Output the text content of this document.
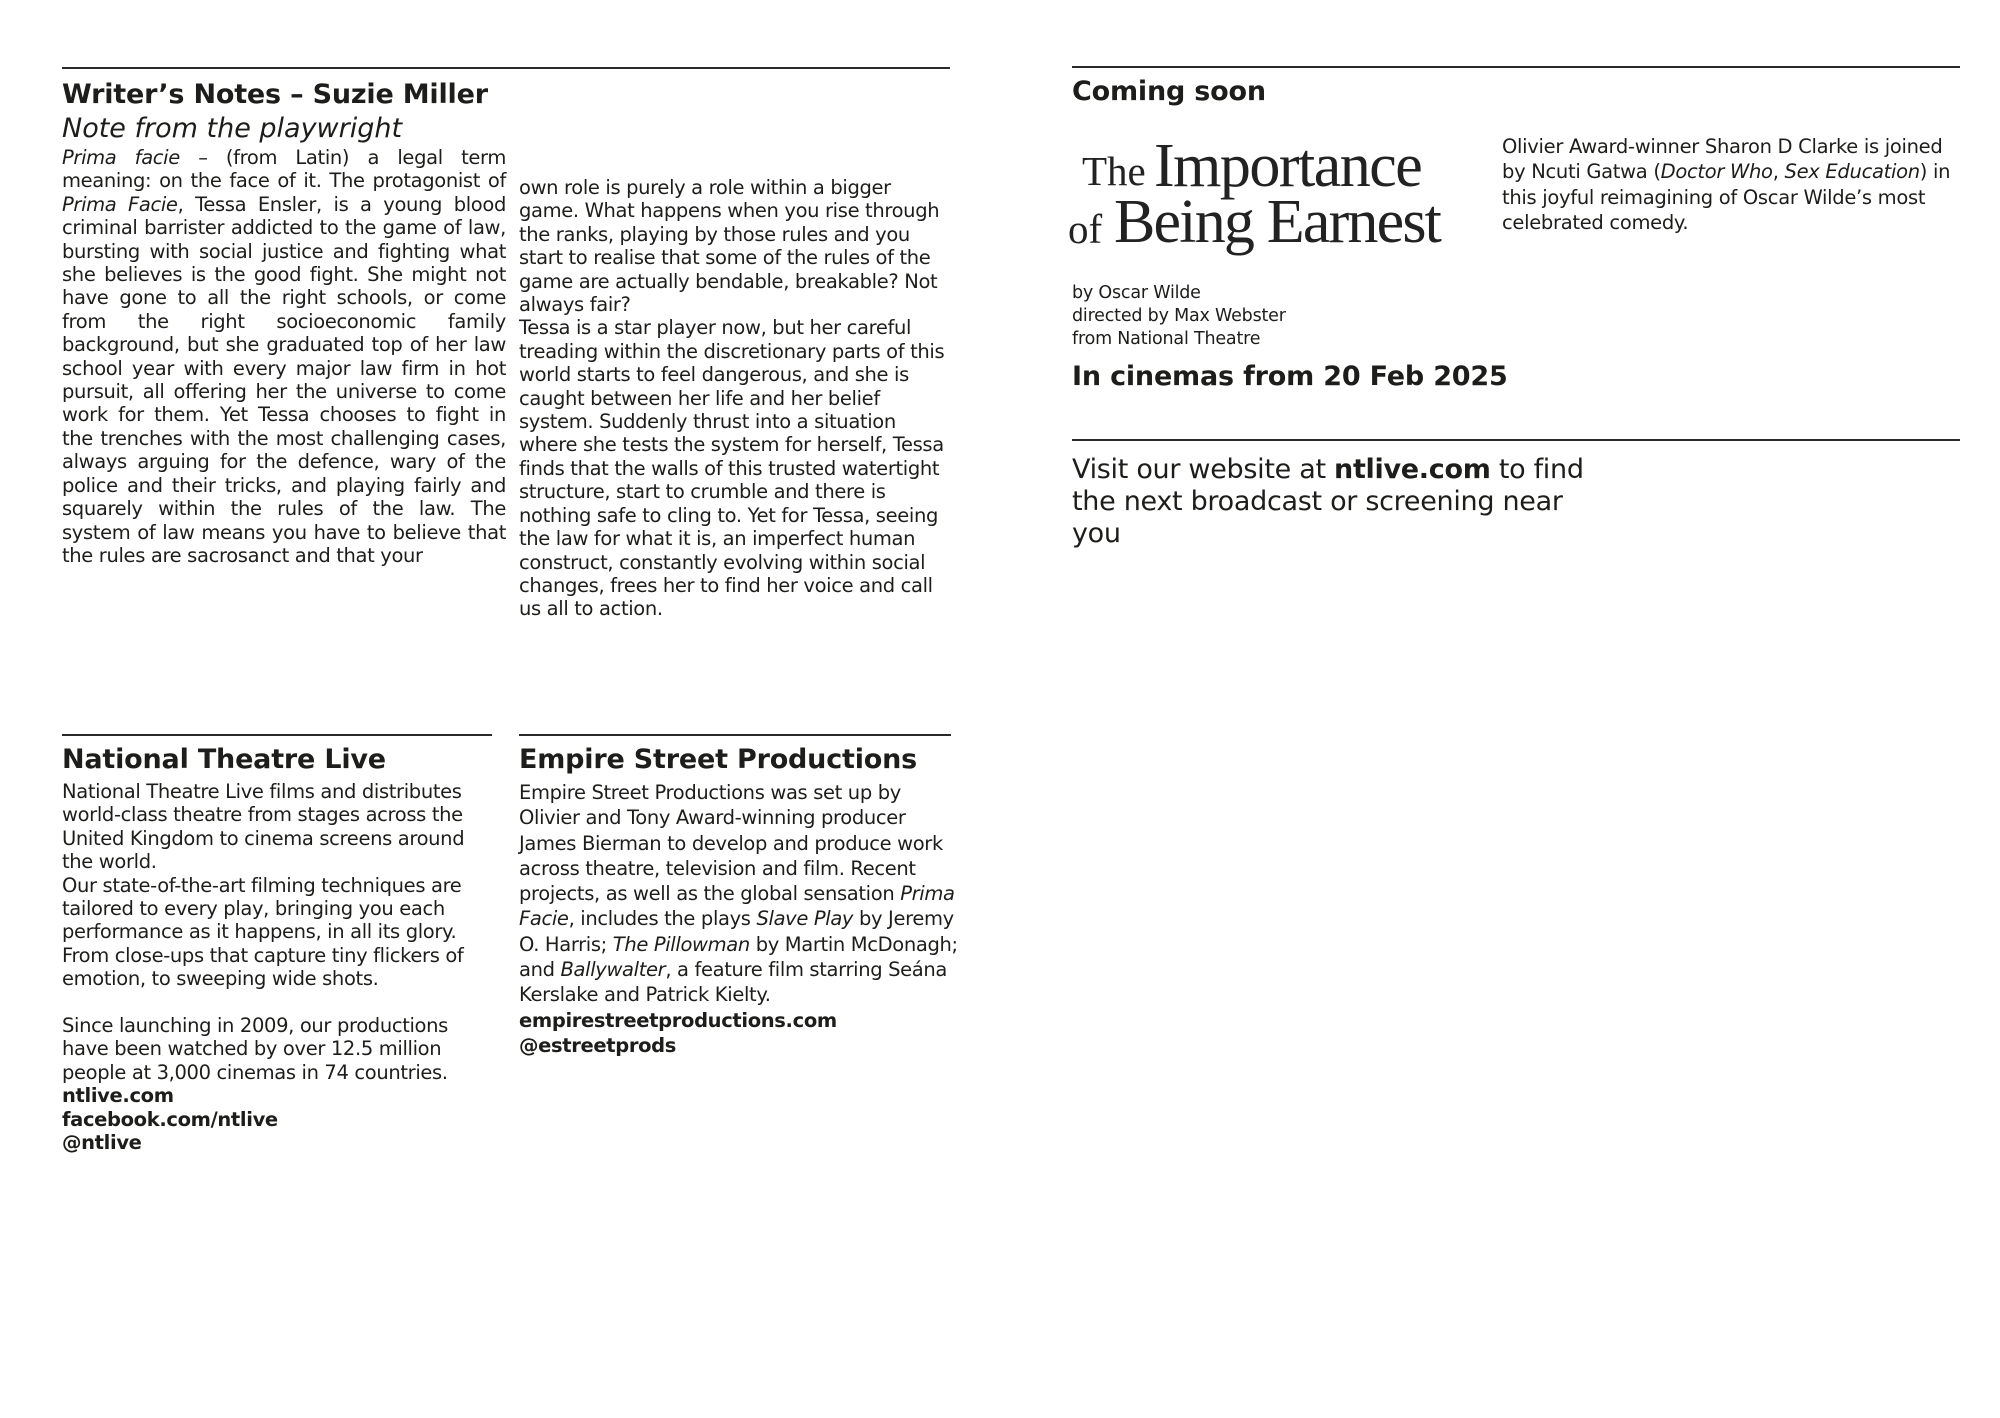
Writer’s Notes – Suzie Miller Note from the playwright
Prima facie – (from Latin) a legal term meaning: on the face of it. The protagonist of Prima Facie, Tessa Ensler, is a young blood criminal barrister addicted to the game of law, bursting with social justice and fighting what she believes is the good fight. She might not have gone to all the right schools, or come from the right socioeconomic family background, but she graduated top of her law school year with every major law firm in hot pursuit, all offering her the universe to come work for them. Yet Tessa chooses to fight in the trenches with the most challenging cases, always arguing for the defence, wary of the police and their tricks, and playing fairly and squarely within the rules of the law. The system of law means you have to believe that the rules are sacrosanct and that your

own role is purely a role within a bigger game. What happens when you rise through the ranks, playing by those rules and you start to realise that some of the rules of the game are actually bendable, breakable? Not always fair?

Tessa is a star player now, but her careful treading within the discretionary parts of this world starts to feel dangerous, and she is caught between her life and her belief system. Suddenly thrust into a situation where she tests the system for herself, Tessa finds that the walls of this trusted watertight structure, start to crumble and there is nothing safe to cling to. Yet for Tessa, seeing the law for what it is, an imperfect human construct, constantly evolving within social changes, frees her to find her voice and call us all to action.

Coming soon
The Importance
of Being Earnest
by Oscar Wilde
directed by Max Webster
from National Theatre
In cinemas from 20 Feb 2025
Olivier Award-winner Sharon D Clarke is joined by Ncuti Gatwa (Doctor Who, Sex Education) in this joyful reimagining of Oscar Wilde’s most celebrated comedy.
Visit our website at ntlive.com to find the next broadcast or screening near you
National Theatre Live

National Theatre Live films and distributes world-class theatre from stages across the United Kingdom to cinema screens around the world.

Our state-of-the-art filming techniques are tailored to every play, bringing you each performance as it happens, in all its glory. From close-ups that capture tiny flickers of emotion, to sweeping wide shots.

Since launching in 2009, our productions have been watched by over 12.5 million people at 3,000 cinemas in 74 countries.

ntlive.com
facebook.com/ntlive
@ntlive
Empire Street Productions

Empire Street Productions was set up by Olivier and Tony Award-winning producer James Bierman to develop and produce work across theatre, television and film. Recent projects, as well as the global sensation Prima Facie, includes the plays Slave Play by Jeremy O. Harris; The Pillowman by Martin McDonagh; and Ballywalter, a feature film starring Seána Kerslake and Patrick Kielty.

empirestreetproductions.com
@estreetprods
